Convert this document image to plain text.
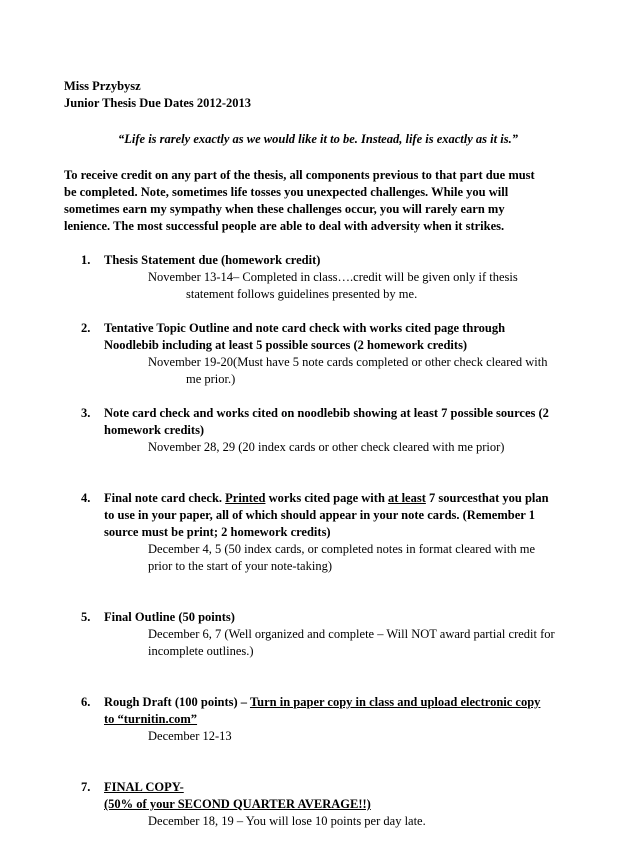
Miss Przybysz
Junior Thesis Due Dates 2012-2013
“Life is rarely exactly as we would like it to be. Instead, life is exactly as it is.”
To receive credit on any part of the thesis, all components previous to that part due must
be completed. Note, sometimes life tosses you unexpected challenges. While you will
sometimes earn my sympathy when these challenges occur, you will rarely earn my
lenience. The most successful people are able to deal with adversity when it strikes.
1. Thesis Statement due (homework credit)
November 13-14– Completed in class….credit will be given only if thesis
statement follows guidelines presented by me.
2. Tentative Topic Outline and note card check with works cited page through
Noodlebib including at least 5 possible sources (2 homework credits)
November 19-20(Must have 5 note cards completed or other check cleared with
me prior.)
3. Note card check and works cited on noodlebib showing at least 7 possible sources (2
homework credits)
November 28, 29 (20 index cards or other check cleared with me prior)
4. Final note card check. Printed works cited page with at least 7 sourcesthat you plan
to use in your paper, all of which should appear in your note cards. (Remember 1
source must be print; 2 homework credits)
December 4, 5 (50 index cards, or completed notes in format cleared with me
prior to the start of your note-taking)
5. Final Outline (50 points)
December 6, 7 (Well organized and complete – Will NOT award partial credit for
incomplete outlines.)
6. Rough Draft (100 points) – Turn in paper copy in class and upload electronic copy
to “turnitin.com”
December 12-13
7. FINAL COPY-
(50% of your SECOND QUARTER AVERAGE!!)
December 18, 19 – You will lose 10 points per day late.
